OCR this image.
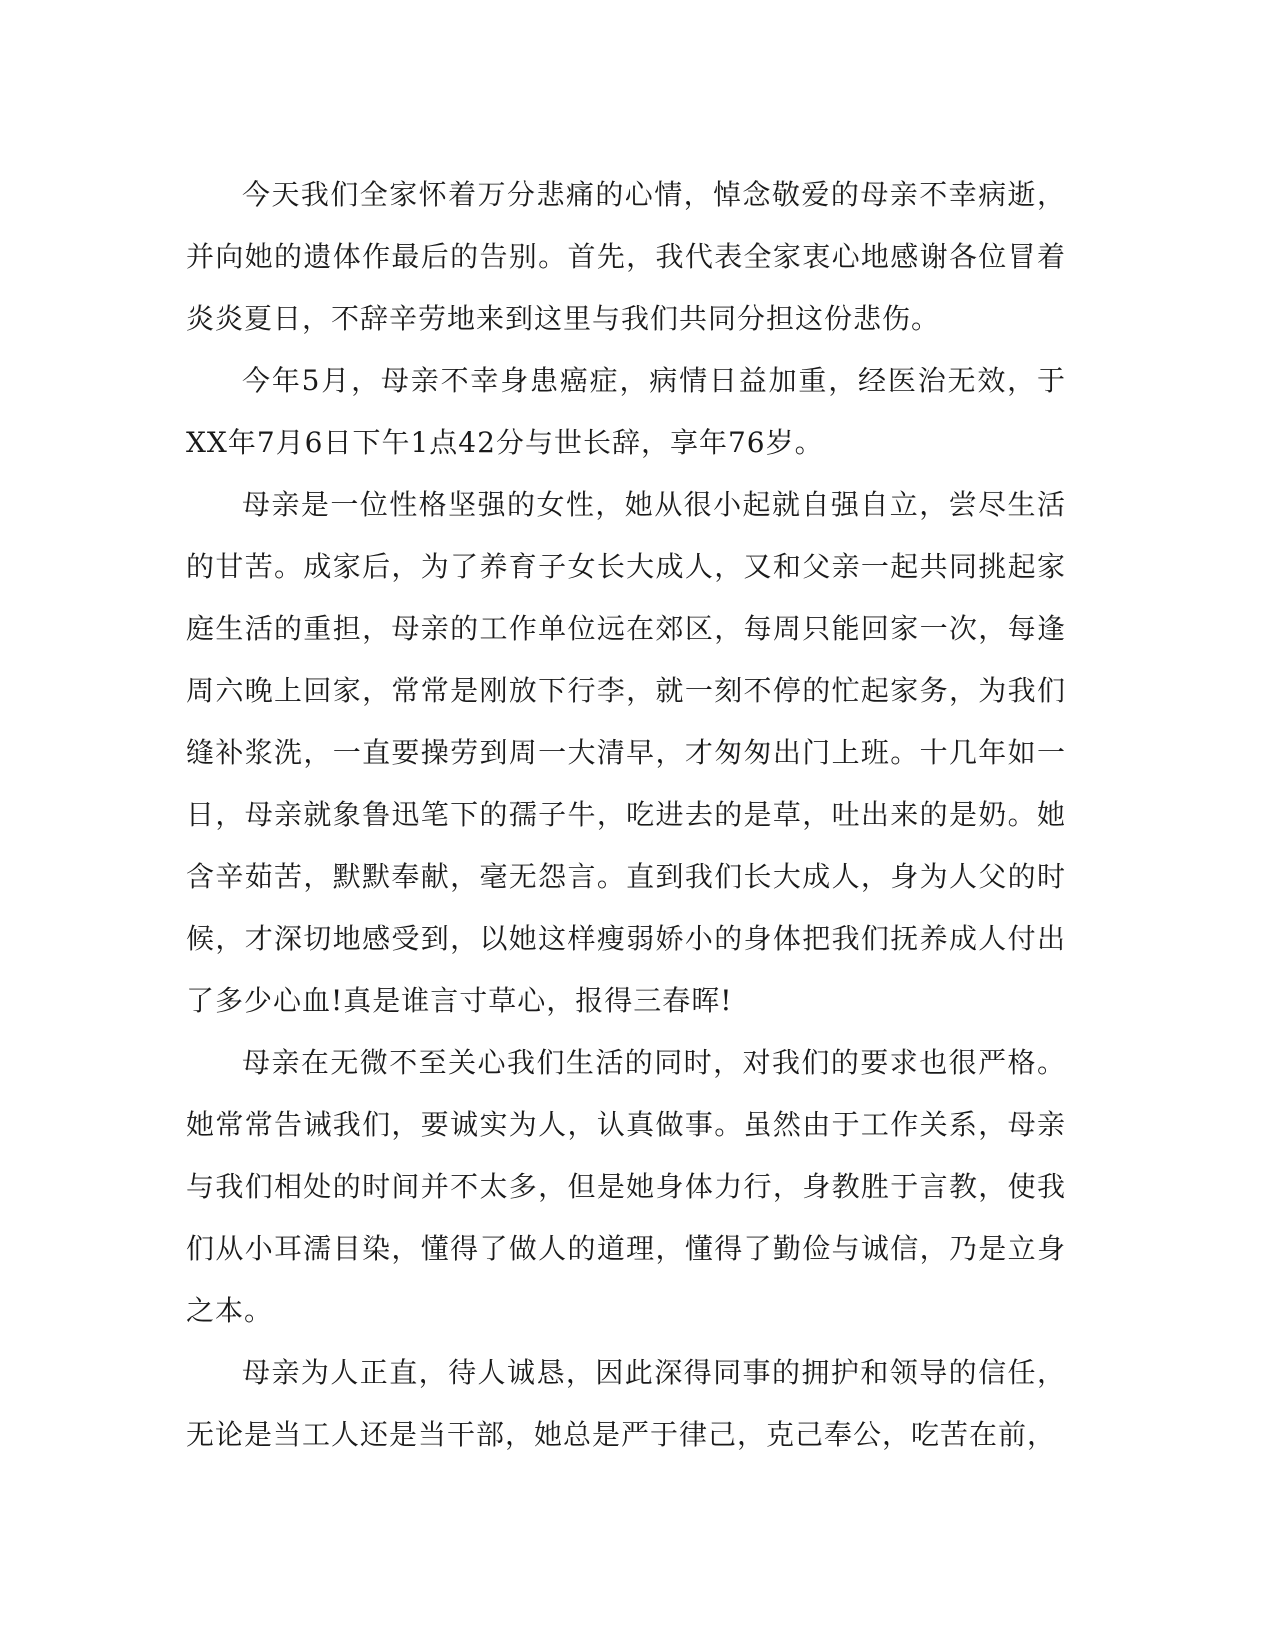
今天我们全家怀着万分悲痛的心情，悼念敬爱的母亲不幸病逝，并向她的遗体作最后的告别。首先，我代表全家衷心地感谢各位冒着炎炎夏日，不辞辛劳地来到这里与我们共同分担这份悲伤。

今年5月，母亲不幸身患癌症，病情日益加重，经医治无效，于XX年7月6日下午1点42分与世长辞，享年76岁。

母亲是一位性格坚强的女性，她从很小起就自强自立，尝尽生活的甘苦。成家后，为了养育子女长大成人，又和父亲一起共同挑起家庭生活的重担，母亲的工作单位远在郊区，每周只能回家一次，每逢周六晚上回家，常常是刚放下行李，就一刻不停的忙起家务，为我们缝补浆洗，一直要操劳到周一大清早，才匆匆出门上班。十几年如一日，母亲就象鲁迅笔下的孺子牛，吃进去的是草，吐出来的是奶。她含辛茹苦，默默奉献，毫无怨言。直到我们长大成人，身为人父的时候，才深切地感受到，以她这样瘦弱娇小的身体把我们抚养成人付出了多少心血!真是谁言寸草心，报得三春晖!

母亲在无微不至关心我们生活的同时，对我们的要求也很严格。她常常告诫我们，要诚实为人，认真做事。虽然由于工作关系，母亲与我们相处的时间并不太多，但是她身体力行，身教胜于言教，使我们从小耳濡目染，懂得了做人的道理，懂得了勤俭与诚信，乃是立身之本。

母亲为人正直，待人诚恳，因此深得同事的拥护和领导的信任，无论是当工人还是当干部，她总是严于律己，克己奉公，吃苦在前，
